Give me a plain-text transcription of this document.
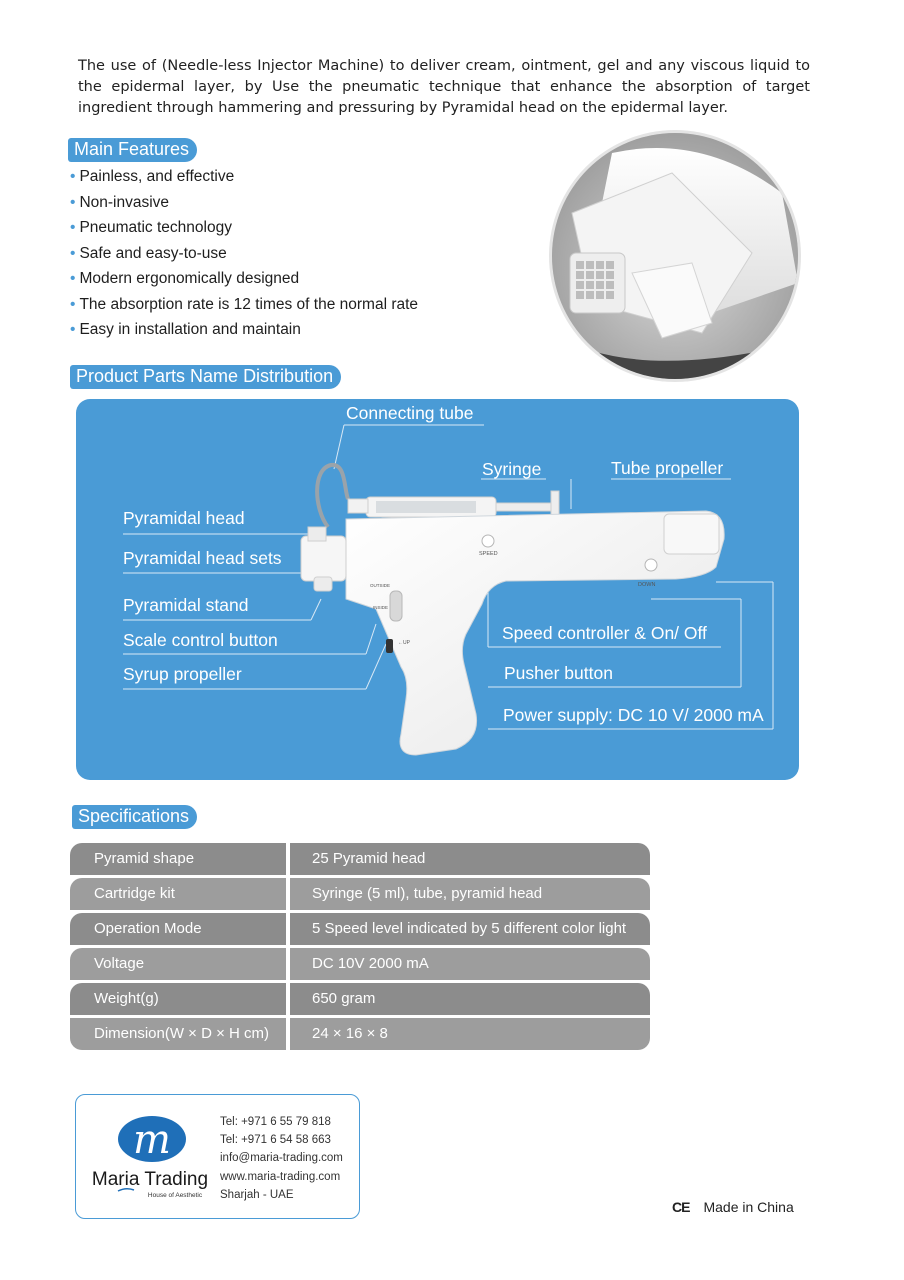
The use of (Needle-less Injector Machine) to deliver cream, ointment, gel and any viscous liquid to the epidermal layer, by Use the pneumatic technique that enhance the absorption of target ingredient through hammering and pressuring by Pyramidal head on the epidermal layer.

Main Features
• Painless, and effective
• Non-invasive
• Pneumatic technology
• Safe and easy-to-use
• Modern ergonomically designed
• The absorption rate is 12 times of the normal rate
• Easy in installation and maintain
Product Parts Name Distribution
SPEED
DOWN
OUTSIDE
INSIDE
←UP
Connecting tube
Syringe	Tube propeller
Pyramidal head
Pyramidal head sets
Pyramidal stand
Scale control button
Syrup propeller
Speed controller & On/ Off
Pusher button
Power supply: DC 10 V/ 2000 mA
Specifications
Pyramid shape	25 Pyramid head
Cartridge kit	Syringe (5 ml), tube, pyramid head
Operation Mode	5 Speed level indicated by 5 different color light
Voltage	DC 10V 2000 mA
Weight(g)	650 gram
Dimension(W × D × H cm)	24 × 16 × 8
m
Maria Trading
House of Aesthetic
Tel: +971 6 55 79 818
Tel: +971 6 54 58 663
info@maria-trading.com
www.maria-trading.com
Sharjah - UAE
CE Made in China
